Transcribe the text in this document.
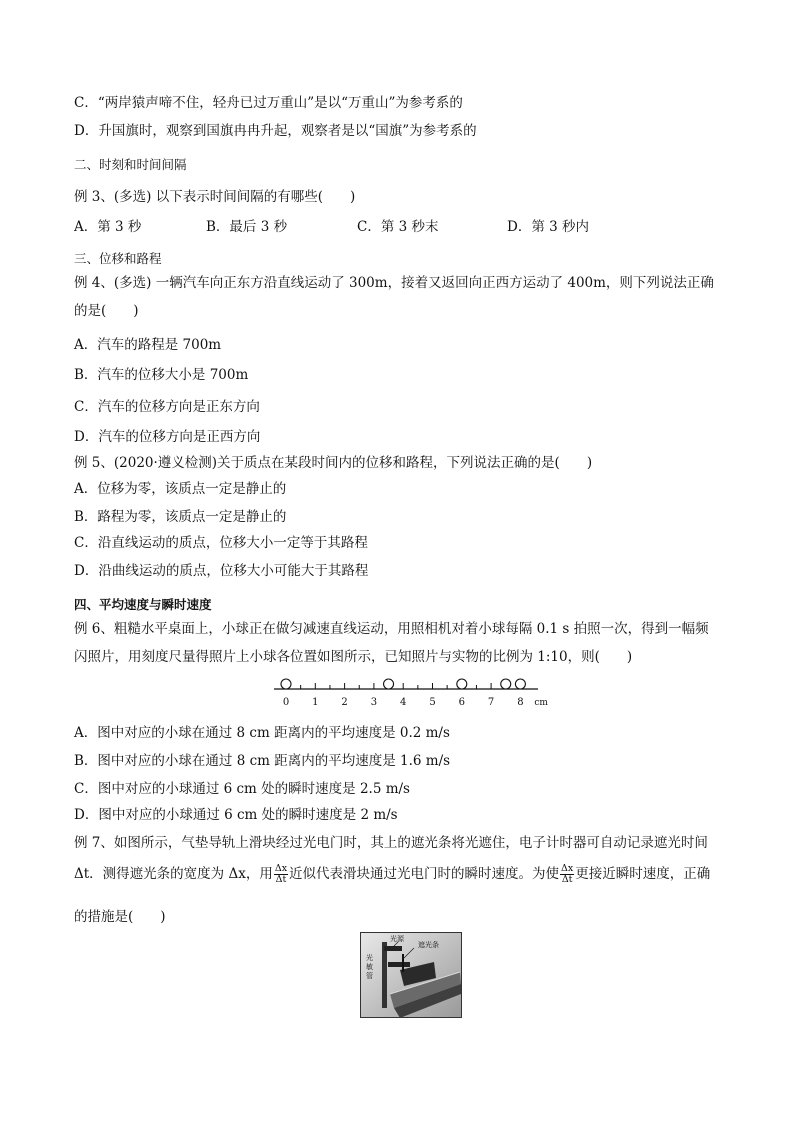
C．“两岸猿声啼不住，轻舟已过万重山”是以“万重山”为参考系的
D．升国旗时，观察到国旗冉冉升起，观察者是以“国旗”为参考系的
二、时刻和时间间隔
例 3、(多选) 以下表示时间间隔的有哪些(　　)
A．第 3 秒	B．最后 3 秒	C．第 3 秒末	D．第 3 秒内
三、位移和路程
例 4、(多选) 一辆汽车向正东方沿直线运动了 300m，接着又返回向正西方运动了 400m，则下列说法正确
的是(　　)
A．汽车的路程是 700m
B．汽车的位移大小是 700m
C．汽车的位移方向是正东方向
D．汽车的位移方向是正西方向
例 5、(2020·遵义检测)关于质点在某段时间内的位移和路程，下列说法正确的是(　　)
A．位移为零，该质点一定是静止的
B．路程为零，该质点一定是静止的
C．沿直线运动的质点，位移大小一定等于其路程
D．沿曲线运动的质点，位移大小可能大于其路程
四、平均速度与瞬时速度
例 6、粗糙水平桌面上，小球正在做匀减速直线运动，用照相机对着小球每隔 0.1 s 拍照一次，得到一幅频
闪照片，用刻度尺量得照片上小球各位置如图所示，已知照片与实物的比例为 1:10，则(　　)
0 1 2 3 4 5 6 7 8 cm
A．图中对应的小球在通过 8 cm 距离内的平均速度是 0.2 m/s
B．图中对应的小球在通过 8 cm 距离内的平均速度是 1.6 m/s
C．图中对应的小球通过 6 cm 处的瞬时速度是 2.5 m/s
D．图中对应的小球通过 6 cm 处的瞬时速度是 2 m/s
例 7、如图所示，气垫导轨上滑块经过光电门时，其上的遮光条将光遮住，电子计时器可自动记录遮光时间
Δt．测得遮光条的宽度为 Δx，用 $\frac{\Delta x}{\Delta t}$ 近似代表滑块通过光电门时的瞬时速度。为使 $\frac{\Delta x}{\Delta t}$ 更接近瞬时速度，正确
的措施是(　　)
光源
遮光条
光
敏
管
